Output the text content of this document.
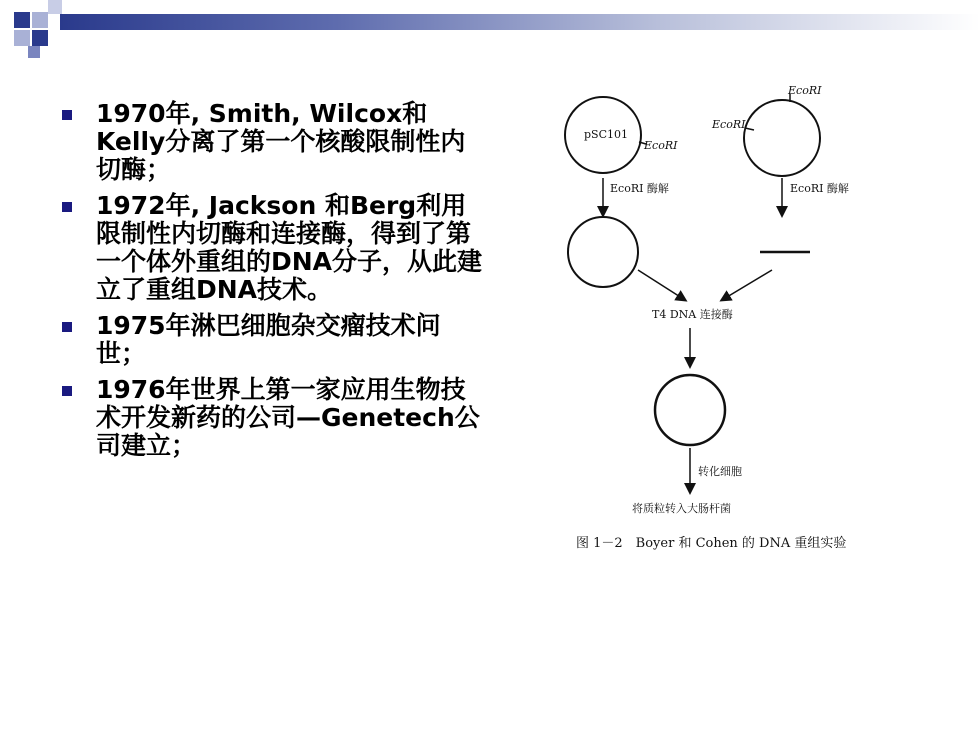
1970年, Smith, Wilcox和Kelly分离了第一个核酸限制性内切酶；
1972年, Jackson 和Berg利用限制性内切酶和连接酶，得到了第一个体外重组的DNA分子，从此建立了重组DNA技术。
1975年淋巴细胞杂交瘤技术问世；
1976年世界上第一家应用生物技术开发新药的公司—Genetech公司建立；
pSC101
EcoRI
EcoRI
EcoRI
EcoRI 酶解	EcoRI 酶解
T4 DNA 连接酶
转化细胞
将质粒转入大肠杆菌
图 1－2　Boyer 和 Cohen 的 DNA 重组实验
